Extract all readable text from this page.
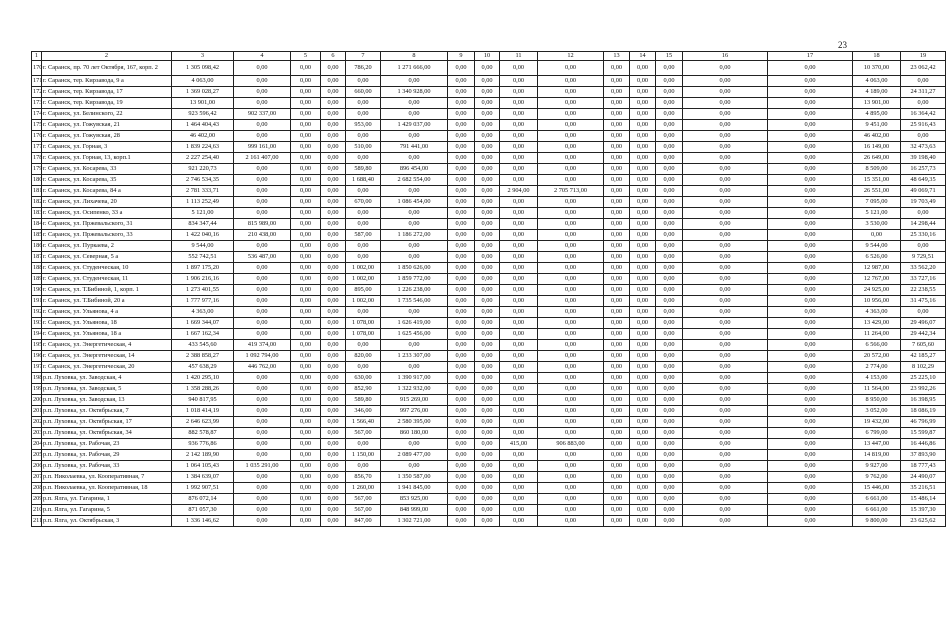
23
1	2	3	4	5	6	7	8	9	10	11	12	13	14	15	16	17	18	19
170	г. Саранск, пр. 70 лет Октября, 167, корп. 2	1 305 098,42	0,00	0,00	0,00	786,20	1 271 666,00	0,00	0,00	0,00	0,00	0,00	0,00	0,00	0,00	0,00	10 370,00	23 062,42
171	г. Саранск, тер. Кирзавода, 9 а	4 063,00	0,00	0,00	0,00	0,00	0,00	0,00	0,00	0,00	0,00	0,00	0,00	0,00	0,00	0,00	4 063,00	0,00
172	г. Саранск, тер. Кирзавода, 17	1 369 028,27	0,00	0,00	0,00	660,00	1 340 928,00	0,00	0,00	0,00	0,00	0,00	0,00	0,00	0,00	0,00	4 189,00	24 311,27
173	г. Саранск, тер. Кирзавода, 19	13 901,00	0,00	0,00	0,00	0,00	0,00	0,00	0,00	0,00	0,00	0,00	0,00	0,00	0,00	0,00	13 901,00	0,00
174	г. Саранск, ул. Белинского, 22	923 596,42	902 337,00	0,00	0,00	0,00	0,00	0,00	0,00	0,00	0,00	0,00	0,00	0,00	0,00	0,00	4 895,00	16 364,42
175	г. Саранск, ул. Гожувская, 21	1 464 404,43	0,00	0,00	0,00	953,00	1 429 037,00	0,00	0,00	0,00	0,00	0,00	0,00	0,00	0,00	0,00	9 451,00	25 916,43
176	г. Саранск, ул. Гожувская, 28	46 402,00	0,00	0,00	0,00	0,00	0,00	0,00	0,00	0,00	0,00	0,00	0,00	0,00	0,00	0,00	46 402,00	0,00
177	г. Саранск, ул. Горная, 3	1 839 224,63	999 161,00	0,00	0,00	510,00	791 441,00	0,00	0,00	0,00	0,00	0,00	0,00	0,00	0,00	0,00	16 149,00	32 473,63
178	г. Саранск, ул. Горная, 13, корп.1	2 227 254,40	2 161 407,00	0,00	0,00	0,00	0,00	0,00	0,00	0,00	0,00	0,00	0,00	0,00	0,00	0,00	26 649,00	39 198,40
179	г. Саранск, ул. Косарева, 33	921 220,73	0,00	0,00	0,00	589,80	896 454,00	0,00	0,00	0,00	0,00	0,00	0,00	0,00	0,00	0,00	8 509,00	16 257,73
180	г. Саранск, ул. Косарева, 35	2 746 534,35	0,00	0,00	0,00	1 688,40	2 682 554,00	0,00	0,00	0,00	0,00	0,00	0,00	0,00	0,00	0,00	15 351,00	48 649,35
181	г. Саранск, ул. Косарева, 84 а	2 781 333,71	0,00	0,00	0,00	0,00	0,00	0,00	0,00	2 904,00	2 705 713,00	0,00	0,00	0,00	0,00	0,00	26 551,00	49 069,71
182	г. Саранск, ул. Лихачева, 20	1 113 252,49	0,00	0,00	0,00	670,00	1 086 454,00	0,00	0,00	0,00	0,00	0,00	0,00	0,00	0,00	0,00	7 095,00	19 703,49
183	г. Саранск, ул. Осипенко, 33 а	5 121,00	0,00	0,00	0,00	0,00	0,00	0,00	0,00	0,00	0,00	0,00	0,00	0,00	0,00	0,00	5 121,00	0,00
184	г. Саранск, ул. Пржевальского, 31	834 347,44	815 989,00	0,00	0,00	0,00	0,00	0,00	0,00	0,00	0,00	0,00	0,00	0,00	0,00	0,00	3 530,00	14 298,44
185	г. Саранск, ул. Пржевальского, 33	1 422 040,16	210 438,00	0,00	0,00	587,00	1 186 272,00	0,00	0,00	0,00	0,00	0,00	0,00	0,00	0,00	0,00	0,00	25 330,16
186	г. Саранск, ул. Пуркаева, 2	9 544,00	0,00	0,00	0,00	0,00	0,00	0,00	0,00	0,00	0,00	0,00	0,00	0,00	0,00	0,00	9 544,00	0,00
187	г. Саранск, ул. Северная, 5 а	552 742,51	536 487,00	0,00	0,00	0,00	0,00	0,00	0,00	0,00	0,00	0,00	0,00	0,00	0,00	0,00	6 526,00	9 729,51
188	г. Саранск, ул. Студенческая, 10	1 897 175,20	0,00	0,00	0,00	1 002,00	1 850 626,00	0,00	0,00	0,00	0,00	0,00	0,00	0,00	0,00	0,00	12 987,00	33 562,20
189	г. Саранск, ул. Студенческая, 11	1 906 216,16	0,00	0,00	0,00	1 002,00	1 859 772,00	0,00	0,00	0,00	0,00	0,00	0,00	0,00	0,00	0,00	12 767,00	33 727,16
190	г. Саранск, ул. Т.Бибиной, 1, корп. 1	1 273 401,55	0,00	0,00	0,00	895,00	1 226 238,00	0,00	0,00	0,00	0,00	0,00	0,00	0,00	0,00	0,00	24 925,00	22 238,55
191	г. Саранск, ул. Т.Бибиной, 20 а	1 777 977,16	0,00	0,00	0,00	1 002,00	1 735 546,00	0,00	0,00	0,00	0,00	0,00	0,00	0,00	0,00	0,00	10 956,00	31 475,16
192	г. Саранск, ул. Ульянова, 4 а	4 363,00	0,00	0,00	0,00	0,00	0,00	0,00	0,00	0,00	0,00	0,00	0,00	0,00	0,00	0,00	4 363,00	0,00
193	г. Саранск, ул. Ульянова, 18	1 669 344,07	0,00	0,00	0,00	1 078,00	1 626 419,00	0,00	0,00	0,00	0,00	0,00	0,00	0,00	0,00	0,00	13 429,00	29 496,07
194	г. Саранск, ул. Ульянова, 18 а	1 667 162,34	0,00	0,00	0,00	1 078,00	1 625 456,00	0,00	0,00	0,00	0,00	0,00	0,00	0,00	0,00	0,00	11 264,00	29 442,34
195	г. Саранск, ул. Энергетическая, 4	433 545,60	419 374,00	0,00	0,00	0,00	0,00	0,00	0,00	0,00	0,00	0,00	0,00	0,00	0,00	0,00	6 566,00	7 605,60
196	г. Саранск, ул. Энергетическая, 14	2 388 858,27	1 092 794,00	0,00	0,00	820,00	1 233 307,00	0,00	0,00	0,00	0,00	0,00	0,00	0,00	0,00	0,00	20 572,00	42 185,27
197	г. Саранск, ул. Энергетическая, 20	457 638,29	446 762,00	0,00	0,00	0,00	0,00	0,00	0,00	0,00	0,00	0,00	0,00	0,00	0,00	0,00	2 774,00	8 102,29
198	р.п. Луховка, ул. Заводская, 4	1 420 295,10	0,00	0,00	0,00	630,00	1 390 917,00	0,00	0,00	0,00	0,00	0,00	0,00	0,00	0,00	0,00	4 153,00	25 225,10
199	р.п. Луховка, ул. Заводская, 5	1 358 288,26	0,00	0,00	0,00	852,90	1 322 932,00	0,00	0,00	0,00	0,00	0,00	0,00	0,00	0,00	0,00	11 564,00	23 992,26
200	р.п. Луховка, ул. Заводская, 13	940 817,95	0,00	0,00	0,00	589,80	915 269,00	0,00	0,00	0,00	0,00	0,00	0,00	0,00	0,00	0,00	8 950,00	16 398,95
201	р.п. Луховка, ул. Октябрьская, 7	1 018 414,19	0,00	0,00	0,00	346,00	997 276,00	0,00	0,00	0,00	0,00	0,00	0,00	0,00	0,00	0,00	3 052,00	18 086,19
202	р.п. Луховка, ул. Октябрьская, 17	2 646 623,99	0,00	0,00	0,00	1 566,40	2 580 395,00	0,00	0,00	0,00	0,00	0,00	0,00	0,00	0,00	0,00	19 432,00	46 796,99
203	р.п. Луховка, ул. Октябрьская, 34	882 578,87	0,00	0,00	0,00	567,00	860 180,00	0,00	0,00	0,00	0,00	0,00	0,00	0,00	0,00	0,00	6 799,00	15 599,87
204	р.п. Луховка, ул. Рабочая, 23	936 776,86	0,00	0,00	0,00	0,00	0,00	0,00	0,00	415,00	906 883,00	0,00	0,00	0,00	0,00	0,00	13 447,00	16 446,86
205	р.п. Луховка, ул. Рабочая, 29	2 142 189,90	0,00	0,00	0,00	1 150,00	2 089 477,00	0,00	0,00	0,00	0,00	0,00	0,00	0,00	0,00	0,00	14 819,00	37 893,90
206	р.п. Луховка, ул. Рабочая, 33	1 064 105,43	1 035 291,00	0,00	0,00	0,00	0,00	0,00	0,00	0,00	0,00	0,00	0,00	0,00	0,00	0,00	9 927,00	18 777,43
207	р.п. Николаевка, ул. Кооперативная, 7	1 384 639,07	0,00	0,00	0,00	856,70	1 350 587,00	0,00	0,00	0,00	0,00	0,00	0,00	0,00	0,00	0,00	9 762,00	24 490,07
208	р.п. Николаевка, ул. Кооперативная, 18	1 992 907,51	0,00	0,00	0,00	1 260,00	1 941 845,00	0,00	0,00	0,00	0,00	0,00	0,00	0,00	0,00	0,00	15 446,00	35 216,51
209	р.п. Ялга, ул. Гагарина, 1	876 072,14	0,00	0,00	0,00	567,00	853 925,00	0,00	0,00	0,00	0,00	0,00	0,00	0,00	0,00	0,00	6 661,00	15 486,14
210	р.п. Ялга, ул. Гагарина, 5	871 057,30	0,00	0,00	0,00	567,00	848 999,00	0,00	0,00	0,00	0,00	0,00	0,00	0,00	0,00	0,00	6 661,00	15 397,30
211	р.п. Ялга, ул. Октябрьская, 3	1 336 146,62	0,00	0,00	0,00	847,00	1 302 721,00	0,00	0,00	0,00	0,00	0,00	0,00	0,00	0,00	0,00	9 800,00	23 625,62
